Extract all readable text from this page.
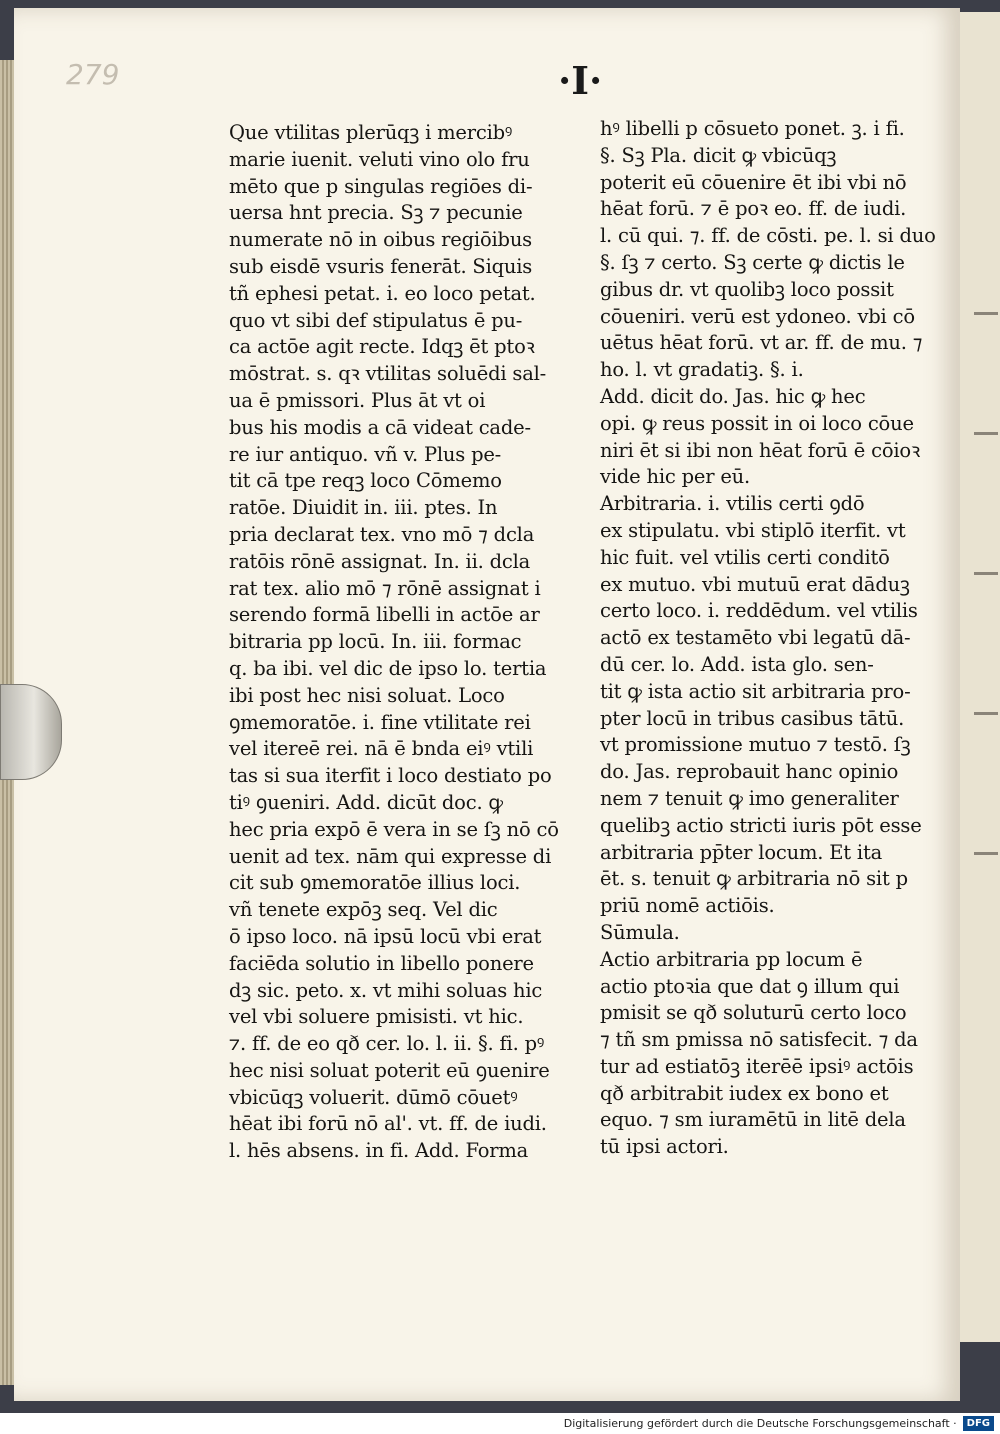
279	·I·
Que vtilitas plerūqꝫ i mercibꝰ
marie iuenit. veluti vino olo fru
mēto que p singulas regiōes di-
uersa hnt precia. Sꝫ ⁊ pecunie
numerate nō in oibus regiōibus
sub eisdē vsuris fenerāt. Siquis
tñ ephesi petat. i. eo loco petat.
quo vt sibi def stipulatus ē pu-
ca actōe agit recte. Idqꝫ ēt ptoꝛ
mōstrat. s. qꝛ vtilitas soluēdi sal-
ua ē pmissori. Plus āt vt oi
bus his modis a cā videat cade-
re iur antiquo. vñ v. Plus pe-
tit cā tpe reqꝫ loco Cōmemo
ratōe. Diuidit in. iii. ptes. In
pria declarat tex. vno mō ⁊ dcla
ratōis rōnē assignat. In. ii. dcla
rat tex. alio mō ⁊ rōnē assignat i
serendo formā libelli in actōe ar
bitraria pp locū. In. iii. formac
q. ba ibi. vel dic de ipso lo. tertia
ibi post hec nisi soluat. Loco
ꝯmemoratōe. i. fine vtilitate rei
vel itereē rei. nā ē bnda eiꝰ vtili
tas si sua iterfit i loco destiato po
tiꝰ ꝯueniri. Add. dicūt doc. ꝙ
hec pria expō ē vera in se ſꝫ nō cō
uenit ad tex. nām qui expresse di
cit sub ꝯmemoratōe illius loci.
vñ tenete expōꝫ seq. Vel dic
ō ipso loco. nā ipsū locū vbi erat
faciēda solutio in libello ponere
dꝫ sic. peto. x. vt mihi soluas hic
vel vbi soluere pmisisti. vt hic.
⁊. ff. de eo qð cer. lo. l. ii. §. fi. pꝰ
hec nisi soluat poterit eū ꝯuenire
vbicūqꝫ voluerit. dūmō cōuetꝰ
hēat ibi forū nō al'. vt. ff. de iudi.
l. hēs absens. in fi. Add. Forma
hꝰ libelli p cōsueto ponet. ꝫ. i fi.
§. Sꝫ Pla. dicit ꝙ vbicūqꝫ
poterit eū cōuenire ēt ibi vbi nō
hēat forū. ⁊ ē poꝛ eo. ff. de iudi.
l. cū qui. ⁊. ff. de cōsti. pe. l. si duo
§. ſꝫ ⁊ certo. Sꝫ certe ꝙ dictis le
gibus dr. vt quolibꝫ loco possit
cōueniri. verū est ydoneo. vbi cō
uētus hēat forū. vt ar. ff. de mu. ⁊
ho. l. vt gradatiꝫ. §. i.
Add. dicit do. Jas. hic ꝙ hec
opi. ꝙ reus possit in oi loco cōue
niri ēt si ibi non hēat forū ē cōioꝛ
vide hic per eū.
Arbitraria. i. vtilis certi ꝯdō
ex stipulatu. vbi stiplō iterfit. vt
hic fuit. vel vtilis certi conditō
ex mutuo. vbi mutuū erat dāduꝫ
certo loco. i. reddēdum. vel vtilis
actō ex testamēto vbi legatū dā-
dū cer. lo. Add. ista glo. sen-
tit ꝙ ista actio sit arbitraria pro-
pter locū in tribus casibus tātū.
vt promissione mutuo ⁊ testō. ſꝫ
do. Jas. reprobauit hanc opinio
nem ⁊ tenuit ꝙ imo generaliter
quelibꝫ actio stricti iuris pōt esse
arbitraria pp̄ter locum. Et ita
ēt. s. tenuit ꝙ arbitraria nō sit p
priū nomē actiōis.
Sūmula.
Actio arbitraria pp locum ē
actio ptoꝛia que dat ꝯ illum qui
pmisit se qð soluturū certo loco
⁊ tñ sm pmissa nō satisfecit. ⁊ da
tur ad estiatōꝫ iterēē ipsiꝰ actōis
qð arbitrabit iudex ex bono et
equo. ⁊ sm iuramētū in litē dela
tū ipsi actori.
Digitalisierung gefördert durch die Deutsche Forschungsgemeinschaft ·	DFG
